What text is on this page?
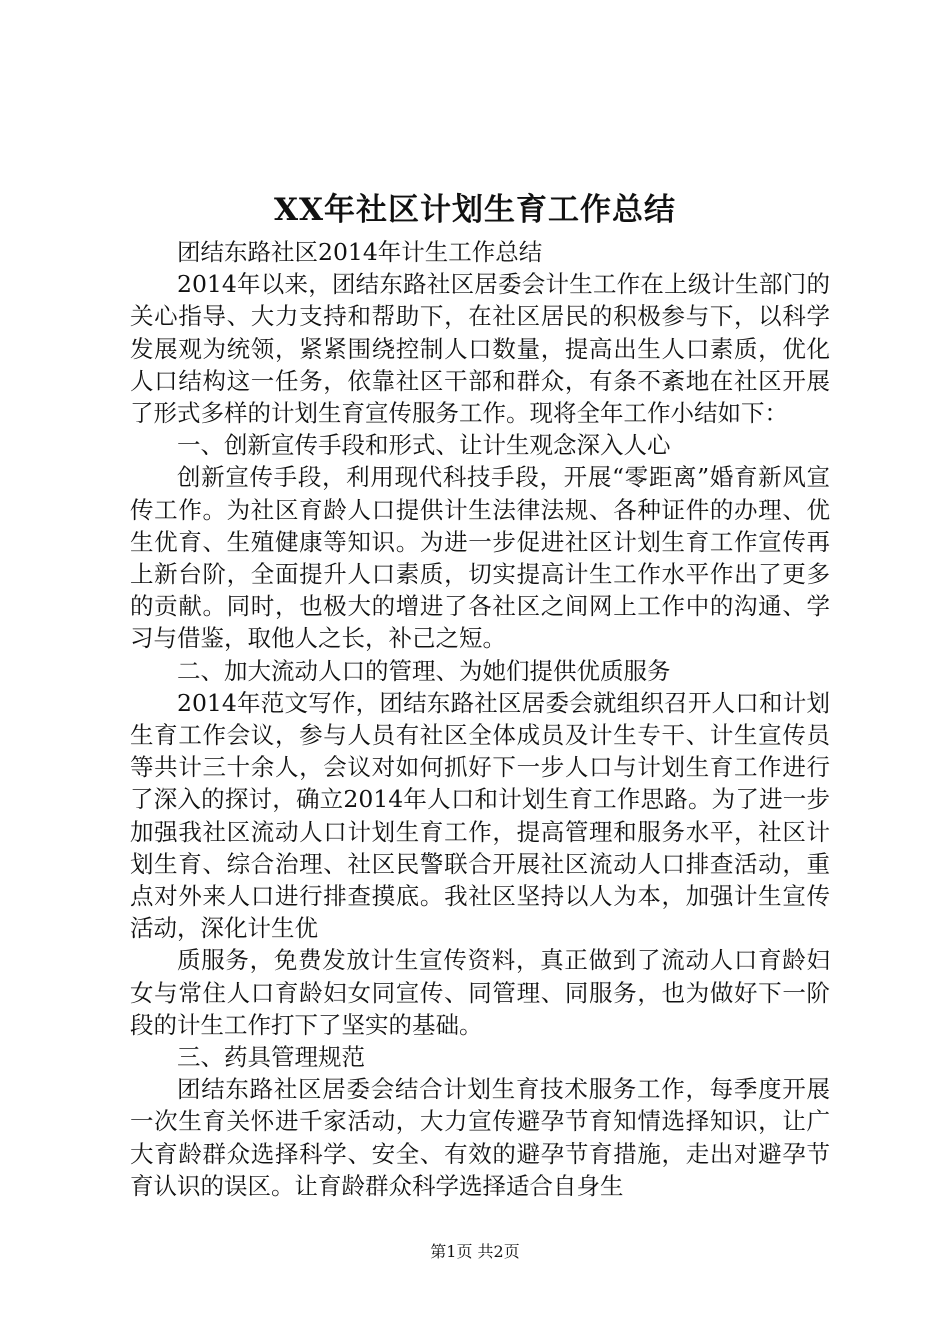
XX年社区计划生育工作总结

团结东路社区2014年计生工作总结

2014年以来，团结东路社区居委会计生工作在上级计生部门的关心指导、大力支持和帮助下，在社区居民的积极参与下，以科学发展观为统领，紧紧围绕控制人口数量，提高出生人口素质，优化人口结构这一任务，依靠社区干部和群众，有条不紊地在社区开展了形式多样的计划生育宣传服务工作。现将全年工作小结如下：

一、创新宣传手段和形式、让计生观念深入人心

创新宣传手段，利用现代科技手段，开展“零距离”婚育新风宣传工作。为社区育龄人口提供计生法律法规、各种证件的办理、优生优育、生殖健康等知识。为进一步促进社区计划生育工作宣传再上新台阶，全面提升人口素质，切实提高计生工作水平作出了更多的贡献。同时，也极大的增进了各社区之间网上工作中的沟通、学习与借鉴，取他人之长，补己之短。

二、加大流动人口的管理、为她们提供优质服务

2014年范文写作，团结东路社区居委会就组织召开人口和计划生育工作会议，参与人员有社区全体成员及计生专干、计生宣传员等共计三十余人，会议对如何抓好下一步人口与计划生育工作进行了深入的探讨，确立2014年人口和计划生育工作思路。为了进一步加强我社区流动人口计划生育工作，提高管理和服务水平，社区计划生育、综合治理、社区民警联合开展社区流动人口排查活动，重点对外来人口进行排查摸底。我社区坚持以人为本，加强计生宣传活动，深化计生优

质服务，免费发放计生宣传资料，真正做到了流动人口育龄妇女与常住人口育龄妇女同宣传、同管理、同服务，也为做好下一阶段的计生工作打下了坚实的基础。

三、药具管理规范

团结东路社区居委会结合计划生育技术服务工作，每季度开展一次生育关怀进千家活动，大力宣传避孕节育知情选择知识，让广大育龄群众选择科学、安全、有效的避孕节育措施，走出对避孕节育认识的误区。让育龄群众科学选择适合自身生

第1页 共2页
